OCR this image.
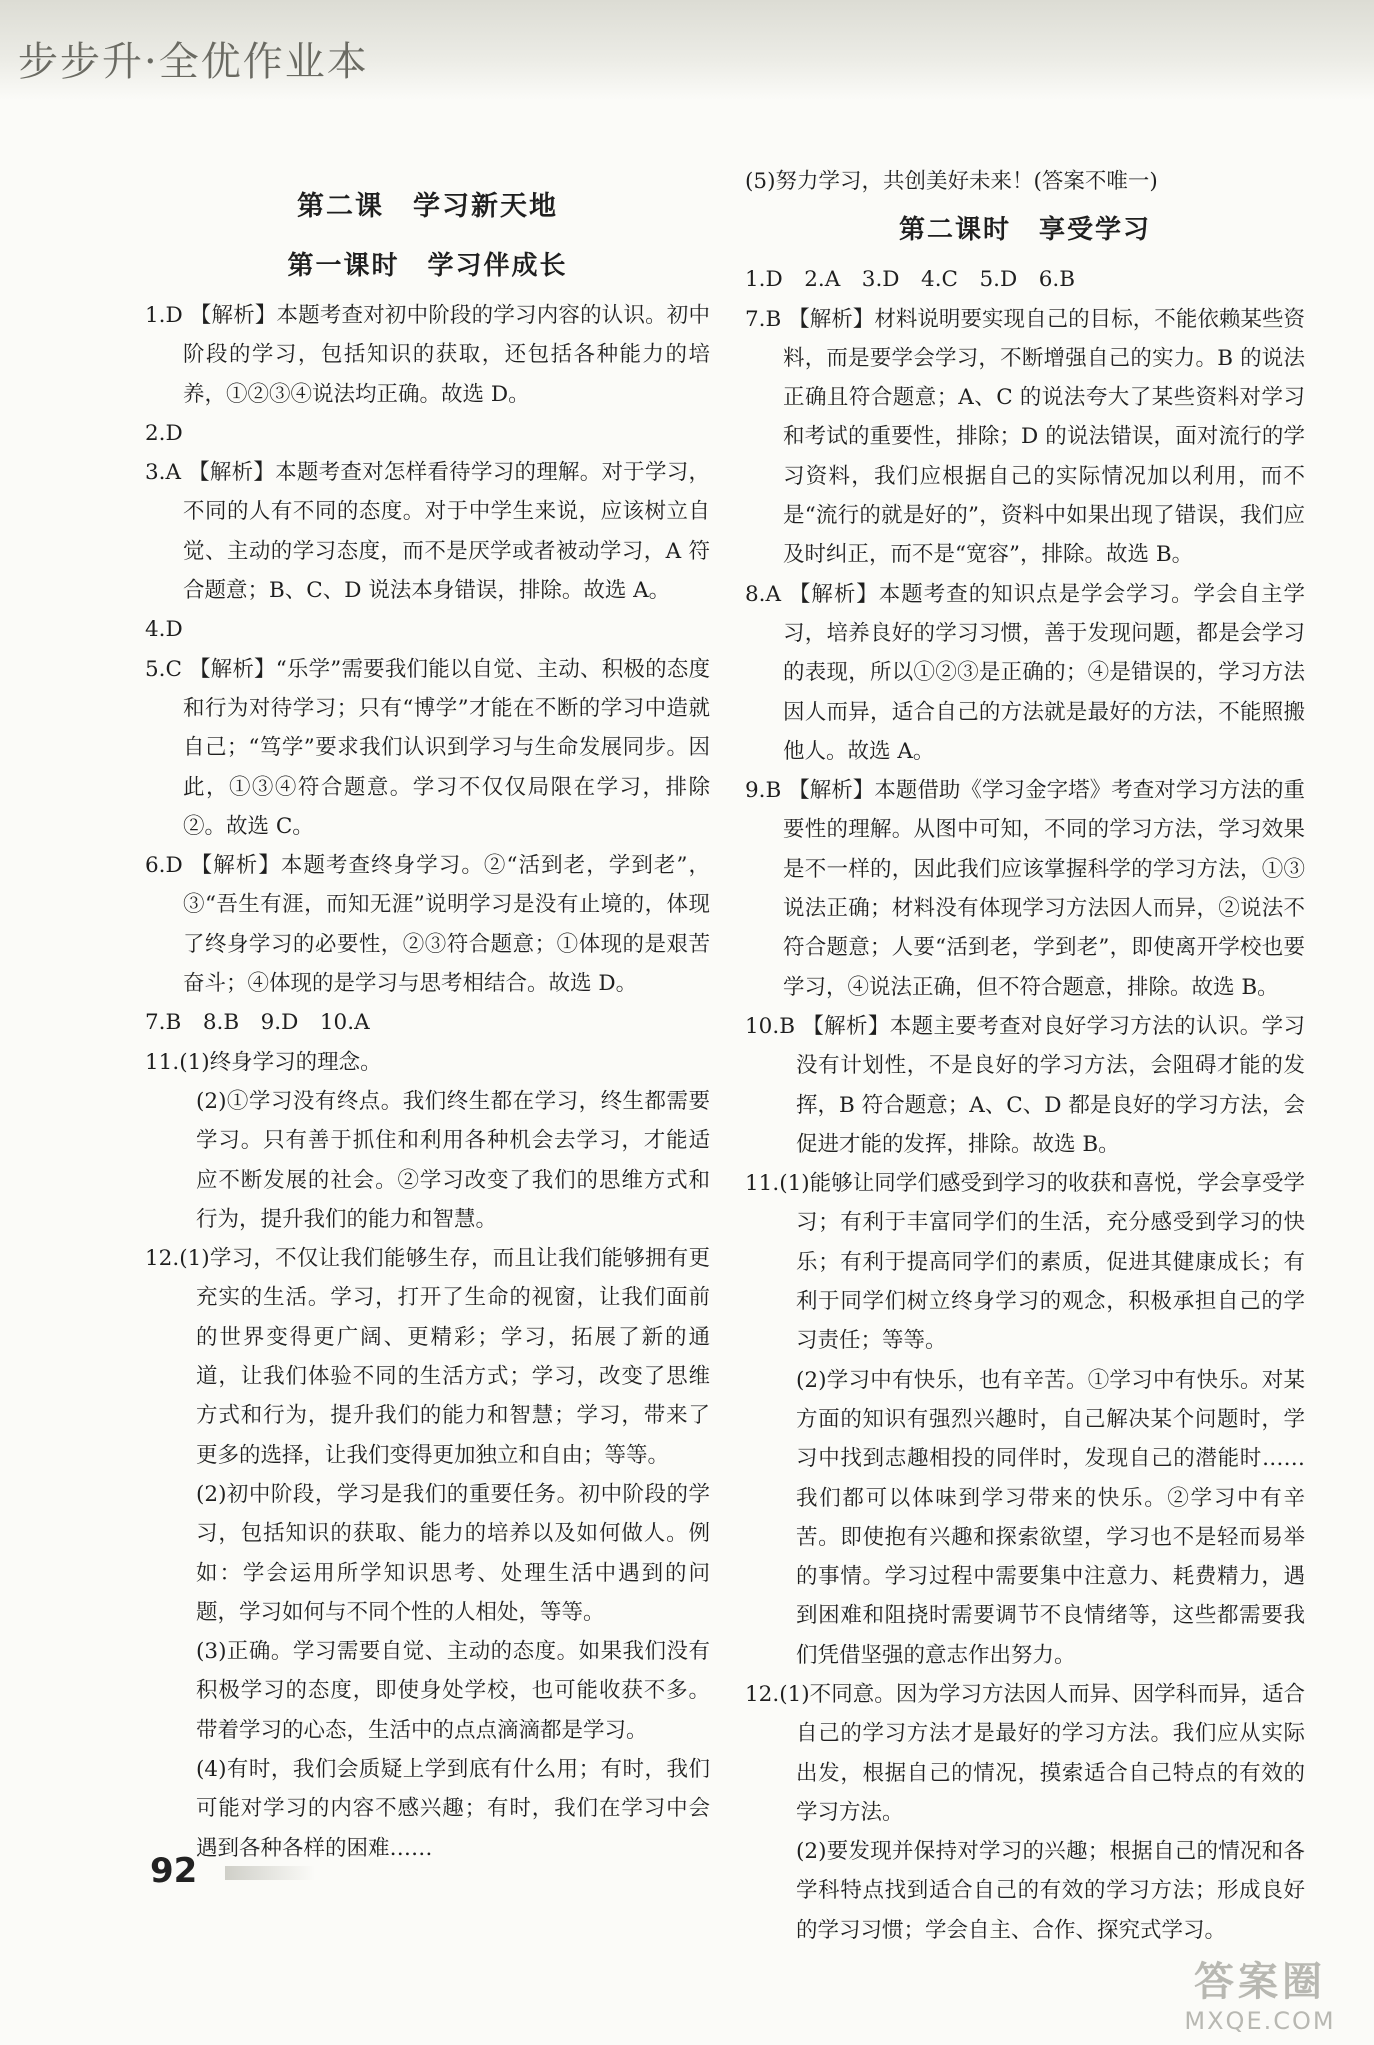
步步升·全优作业本
第二课　学习新天地
第一课时　学习伴成长

1.D 【解析】本题考查对初中阶段的学习内容的认识。初中阶段的学习，包括知识的获取，还包括各种能力的培养，①②③④说法均正确。故选 D。

2.D

3.A 【解析】本题考查对怎样看待学习的理解。对于学习，不同的人有不同的态度。对于中学生来说，应该树立自觉、主动的学习态度，而不是厌学或者被动学习，A 符合题意；B、C、D 说法本身错误，排除。故选 A。

4.D

5.C 【解析】“乐学”需要我们能以自觉、主动、积极的态度和行为对待学习；只有“博学”才能在不断的学习中造就自己；“笃学”要求我们认识到学习与生命发展同步。因此，①③④符合题意。学习不仅仅局限在学习，排除②。故选 C。

6.D 【解析】本题考查终身学习。②“活到老，学到老”，③“吾生有涯，而知无涯”说明学习是没有止境的，体现了终身学习的必要性，②③符合题意；①体现的是艰苦奋斗；④体现的是学习与思考相结合。故选 D。

7.B　8.B　9.D　10.A

11.(1)终身学习的理念。

(2)①学习没有终点。我们终生都在学习，终生都需要学习。只有善于抓住和利用各种机会去学习，才能适应不断发展的社会。②学习改变了我们的思维方式和行为，提升我们的能力和智慧。

12.(1)学习，不仅让我们能够生存，而且让我们能够拥有更充实的生活。学习，打开了生命的视窗，让我们面前的世界变得更广阔、更精彩；学习，拓展了新的通道，让我们体验不同的生活方式；学习，改变了思维方式和行为，提升我们的能力和智慧；学习，带来了更多的选择，让我们变得更加独立和自由；等等。

(2)初中阶段，学习是我们的重要任务。初中阶段的学习，包括知识的获取、能力的培养以及如何做人。例如：学会运用所学知识思考、处理生活中遇到的问题，学习如何与不同个性的人相处，等等。

(3)正确。学习需要自觉、主动的态度。如果我们没有积极学习的态度，即使身处学校，也可能收获不多。带着学习的心态，生活中的点点滴滴都是学习。

(4)有时，我们会质疑上学到底有什么用；有时，我们可能对学习的内容不感兴趣；有时，我们在学习中会遇到各种各样的困难……

(5)努力学习，共创美好未来！(答案不唯一)

第二课时　享受学习

1.D　2.A　3.D　4.C　5.D　6.B

7.B 【解析】材料说明要实现自己的目标，不能依赖某些资料，而是要学会学习，不断增强自己的实力。B 的说法正确且符合题意；A、C 的说法夸大了某些资料对学习和考试的重要性，排除；D 的说法错误，面对流行的学习资料，我们应根据自己的实际情况加以利用，而不是“流行的就是好的”，资料中如果出现了错误，我们应及时纠正，而不是“宽容”，排除。故选 B。

8.A 【解析】本题考查的知识点是学会学习。学会自主学习，培养良好的学习习惯，善于发现问题，都是会学习的表现，所以①②③是正确的；④是错误的，学习方法因人而异，适合自己的方法就是最好的方法，不能照搬他人。故选 A。

9.B 【解析】本题借助《学习金字塔》考查对学习方法的重要性的理解。从图中可知，不同的学习方法，学习效果是不一样的，因此我们应该掌握科学的学习方法，①③说法正确；材料没有体现学习方法因人而异，②说法不符合题意；人要“活到老，学到老”，即使离开学校也要学习，④说法正确，但不符合题意，排除。故选 B。

10.B 【解析】本题主要考查对良好学习方法的认识。学习没有计划性，不是良好的学习方法，会阻碍才能的发挥，B 符合题意；A、C、D 都是良好的学习方法，会促进才能的发挥，排除。故选 B。

11.(1)能够让同学们感受到学习的收获和喜悦，学会享受学习；有利于丰富同学们的生活，充分感受到学习的快乐；有利于提高同学们的素质，促进其健康成长；有利于同学们树立终身学习的观念，积极承担自己的学习责任；等等。

(2)学习中有快乐，也有辛苦。①学习中有快乐。对某方面的知识有强烈兴趣时，自己解决某个问题时，学习中找到志趣相投的同伴时，发现自己的潜能时……我们都可以体味到学习带来的快乐。②学习中有辛苦。即使抱有兴趣和探索欲望，学习也不是轻而易举的事情。学习过程中需要集中注意力、耗费精力，遇到困难和阻挠时需要调节不良情绪等，这些都需要我们凭借坚强的意志作出努力。

12.(1)不同意。因为学习方法因人而异、因学科而异，适合自己的学习方法才是最好的学习方法。我们应从实际出发，根据自己的情况，摸索适合自己特点的有效的学习方法。

(2)要发现并保持对学习的兴趣；根据自己的情况和各学科特点找到适合自己的有效的学习方法；形成良好的学习习惯；学会自主、合作、探究式学习。

92
答案圈
MXQE.COM
